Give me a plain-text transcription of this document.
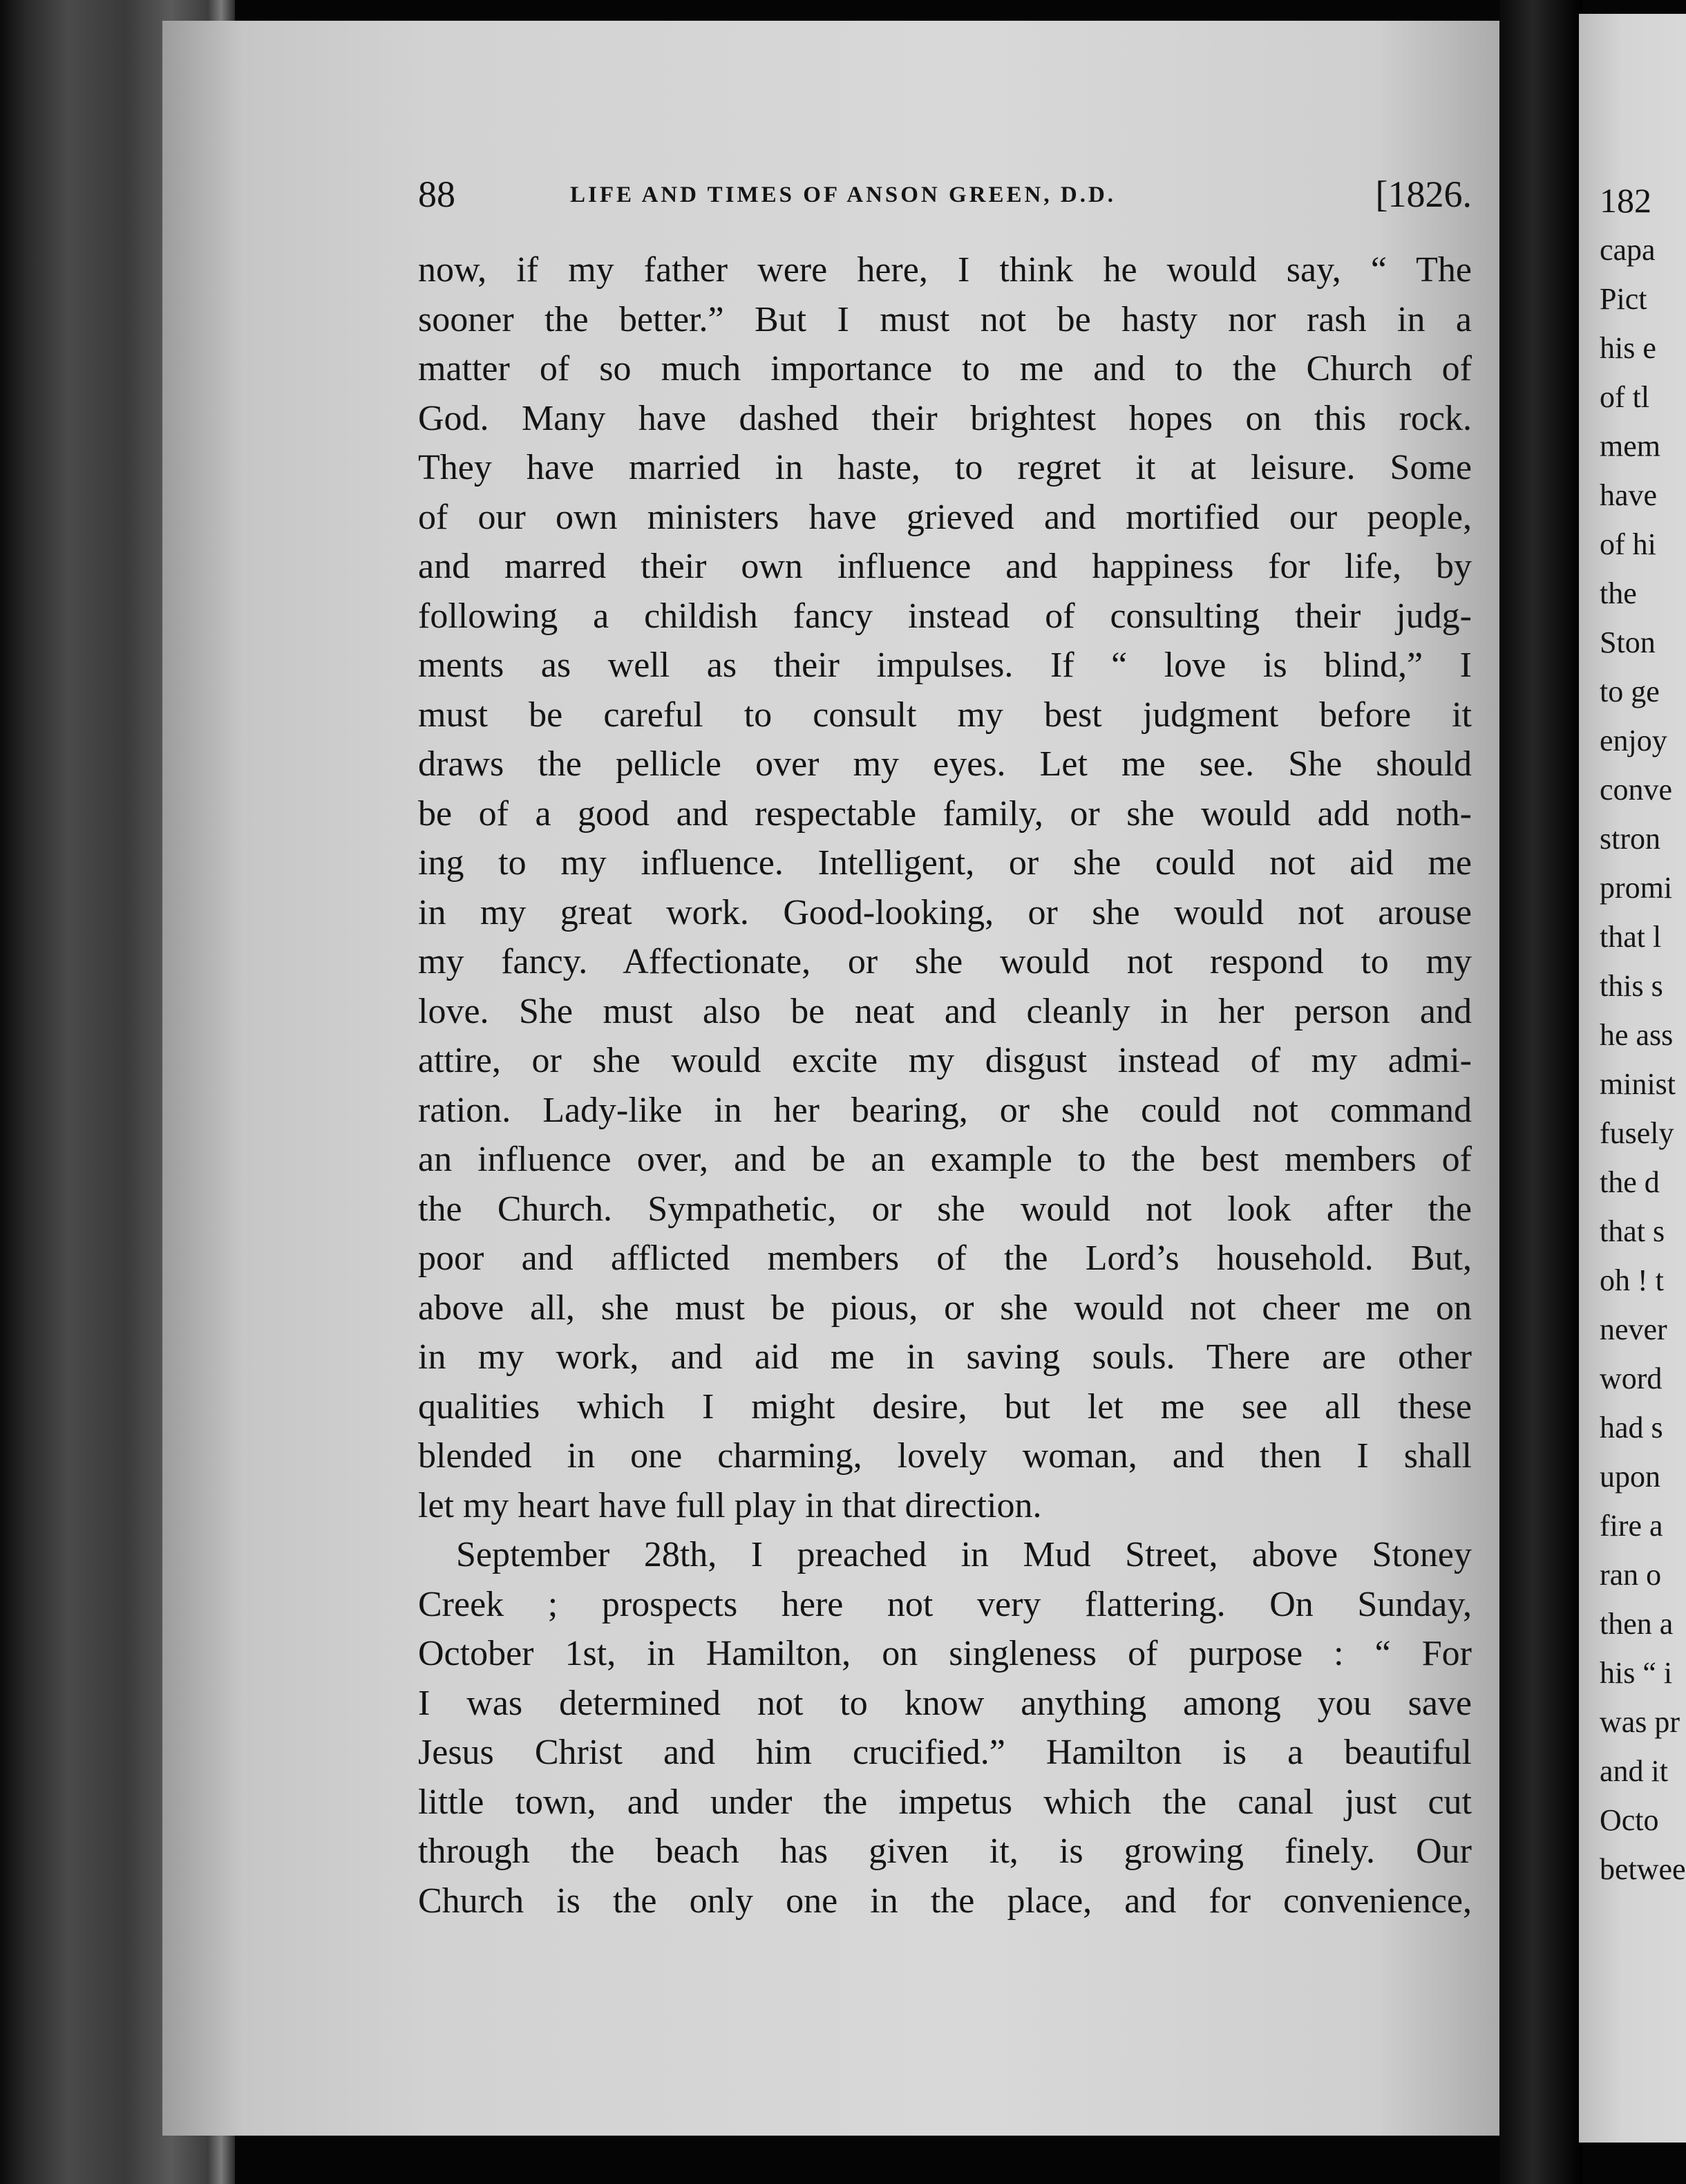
182
capa
Pict
his e
of tl
mem
have
of hi
the
Ston
to ge
enjoy
conve
stron
promi
that l
this s
he ass
minist
fusely
the d
that s
oh ! t
never
word
had s
upon
fire a
ran o
then a
his “ i
was pr
and it
Octo
betwee
88	LIFE AND TIMES OF ANSON GREEN, D.D.	[1826.
now, if my father were here, I think he would say, “ The
sooner the better.” But I must not be hasty nor rash in a
matter of so much importance to me and to the Church of
God. Many have dashed their brightest hopes on this rock.
They have married in haste, to regret it at leisure. Some
of our own ministers have grieved and mortified our people,
and marred their own influence and happiness for life, by
following a childish fancy instead of consulting their judg-
ments as well as their impulses. If “ love is blind,” I
must be careful to consult my best judgment before it
draws the pellicle over my eyes. Let me see. She should
be of a good and respectable family, or she would add noth-
ing to my influence. Intelligent, or she could not aid me
in my great work. Good-looking, or she would not arouse
my fancy. Affectionate, or she would not respond to my
love. She must also be neat and cleanly in her person and
attire, or she would excite my disgust instead of my admi-
ration. Lady-like in her bearing, or she could not command
an influence over, and be an example to the best members of
the Church. Sympathetic, or she would not look after the
poor and afflicted members of the Lord’s household. But,
above all, she must be pious, or she would not cheer me on
in my work, and aid me in saving souls. There are other
qualities which I might desire, but let me see all these
blended in one charming, lovely woman, and then I shall
let my heart have full play in that direction.
September 28th, I preached in Mud Street, above Stoney
Creek ; prospects here not very flattering. On Sunday,
October 1st, in Hamilton, on singleness of purpose : “ For
I was determined not to know anything among you save
Jesus Christ and him crucified.” Hamilton is a beautiful
little town, and under the impetus which the canal just cut
through the beach has given it, is growing finely. Our
Church is the only one in the place, and for convenience,
